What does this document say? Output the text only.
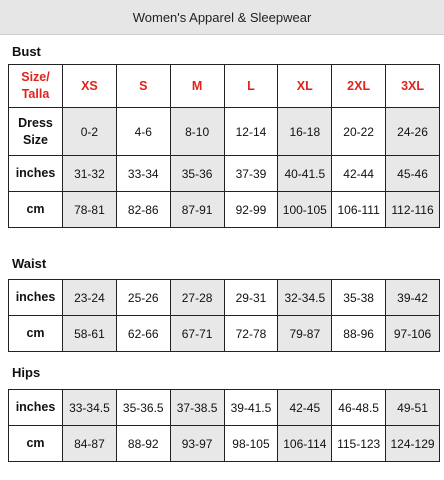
Women's Apparel & Sleepwear
Bust
Size/
Talla	XS	S	M	L	XL	2XL	3XL
Dress
Size	0-2	4-6	8-10	12-14	16-18	20-22	24-26
inches	31-32	33-34	35-36	37-39	40-41.5	42-44	45-46
cm	78-81	82-86	87-91	92-99	100-105	106-111	112-116
Waist
inches	23-24	25-26	27-28	29-31	32-34.5	35-38	39-42
cm	58-61	62-66	67-71	72-78	79-87	88-96	97-106
Hips
inches	33-34.5	35-36.5	37-38.5	39-41.5	42-45	46-48.5	49-51
cm	84-87	88-92	93-97	98-105	106-114	115-123	124-129
